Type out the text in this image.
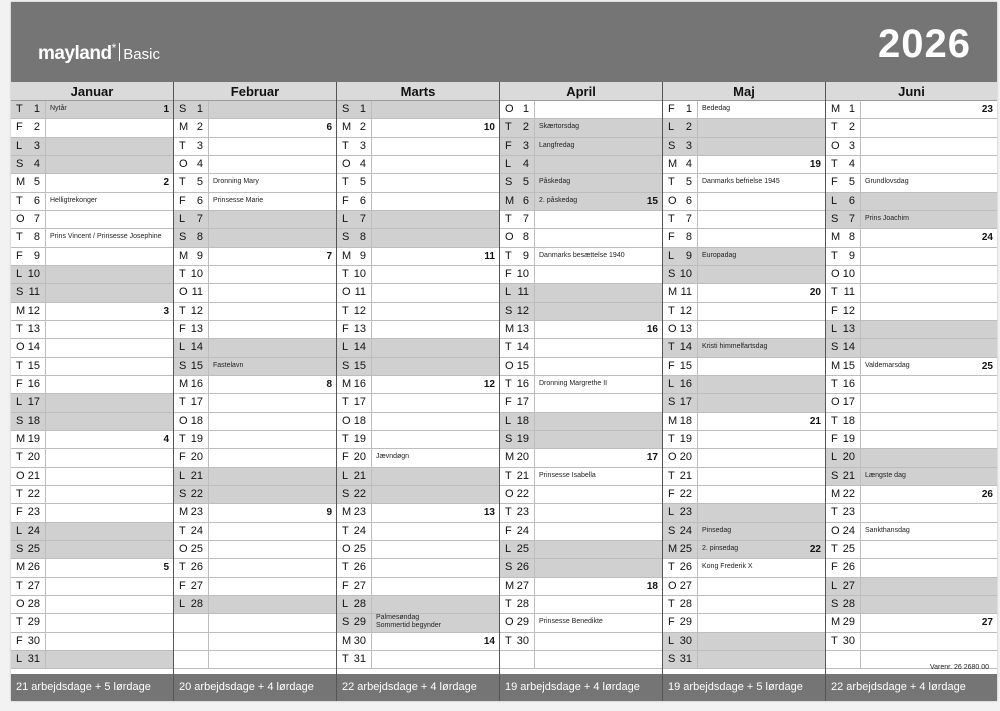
mayland* Basic	2026
Januar
T	1 Nytår	1
F	2
L	3
S 4
M 5	2
T	6 Helligtrekonger
O 7
T	8 Prins Vincent / Prinsesse Josephine
F	9
L 10
S 11
M 12	3
T 13
O 14
T 15
F 16
L 17
S 18
M 19	4
T 20
O 21
T 22
F 23
L 24
S 25
M 26	5
T 27
O 28
T 29
F 30
L 31
21 arbejdsdage + 5 lørdage
Februar
S 1
M 2	6
T	3
O 4
T	5 Dronning Mary
F	6 Prinsesse Marie
L	7
S 8
M 9	7
T 10
O 11
T 12
F 13
L 14
S 15 Fastelavn
M 16	8
T 17
O 18
T 19
F 20
L 21
S 22
M 23	9
T 24
O 25
T 26
F 27
L 28
20 arbejdsdage + 4 lørdage
Marts
S 1
M 2	10
T	3
O 4
T	5
F	6
L	7
S 8
M 9	11
T 10
O 11
T 12
F 13
L 14
S 15
M 16	12
T 17
O 18
T 19
F 20 Jævndøgn
L 21
S 22
M 23	13
T 24
O 25
T 26
F 27
L 28
S 29 Palmesøndag
Sommertid begynder
M 30	14
T 31
22 arbejdsdage + 4 lørdage
April
O 1
T	2 Skærtorsdag
F	3 Langfredag
L	4
S 5 Påskedag
M 6 2. påskedag	15
T	7
O 8
T	9 Danmarks besættelse 1940
F 10
L 11
S 12
M 13	16
T 14
O 15
T 16 Dronning Margrethe II
F 17
L 18
S 19
M 20	17
T 21 Prinsesse Isabella
O 22
T 23
F 24
L 25
S 26
M 27	18
T 28
O 29 Prinsesse Benedikte
T 30
19 arbejdsdage + 4 lørdage
Maj
F	1 Bededag
L	2
S 3
M 4	19
T	5 Danmarks befrielse 1945
O 6
T	7
F	8
L	9 Europadag
S 10
M 11	20
T 12
O 13
T 14 Kristi himmelfartsdag
F 15
L 16
S 17
M 18	21
T 19
O 20
T 21
F 22
L 23
S 24 Pinsedag
M 25 2. pinsedag	22
T 26 Kong Frederik X
O 27
T 28
F 29
L 30
S 31
19 arbejdsdage + 5 lørdage
Juni
M 1	23
T	2
O 3
T	4
F	5 Grundlovsdag
L	6
S 7 Prins Joachim
M 8	24
T	9
O 10
T 11
F 12
L 13
S 14
M 15 Valdemarsdag	25
T 16
O 17
T 18
F 19
L 20
S 21 Længste dag
M 22	26
T 23
O 24 Sankthansdag
T 25
F 26
L 27
S 28
M 29	27
T 30
Varenr. 26 2680 00
22 arbejdsdage + 4 lørdage
